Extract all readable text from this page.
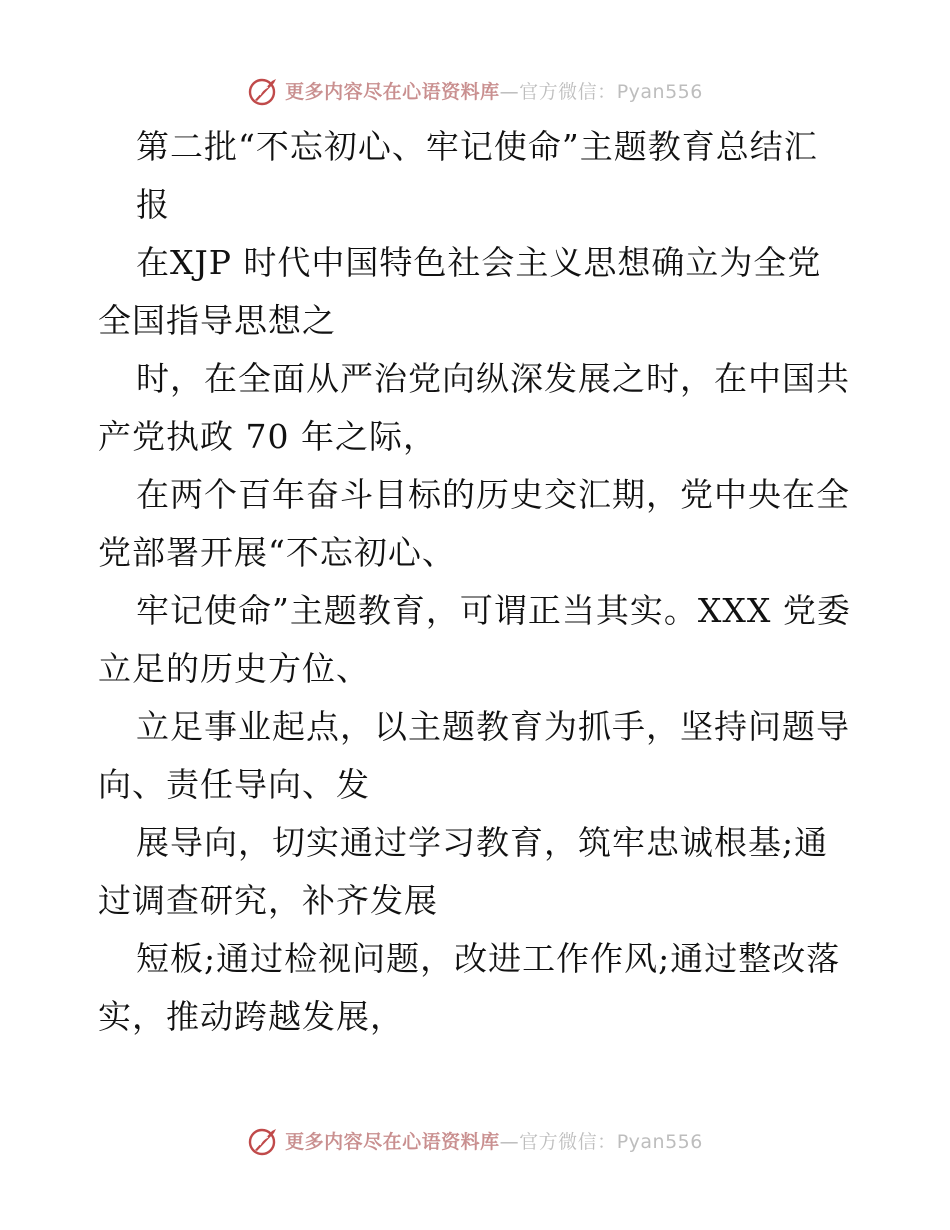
更多内容尽在心语资料库—官方微信：Pyan556
第二批“不忘初心、牢记使命”主题教育总结汇
报
在XJP 时代中国特色社会主义思想确立为全党
全国指导思想之
时，在全面从严治党向纵深发展之时，在中国共
产党执政 70 年之际，
在两个百年奋斗目标的历史交汇期，党中央在全
党部署开展“不忘初心、
牢记使命”主题教育，可谓正当其实。XXX 党委
立足的历史方位、
立足事业起点，以主题教育为抓手，坚持问题导
向、责任导向、发
展导向，切实通过学习教育，筑牢忠诚根基;通
过调查研究，补齐发展
短板;通过检视问题，改进工作作风;通过整改落
实，推动跨越发展，
更多内容尽在心语资料库—官方微信：Pyan556
